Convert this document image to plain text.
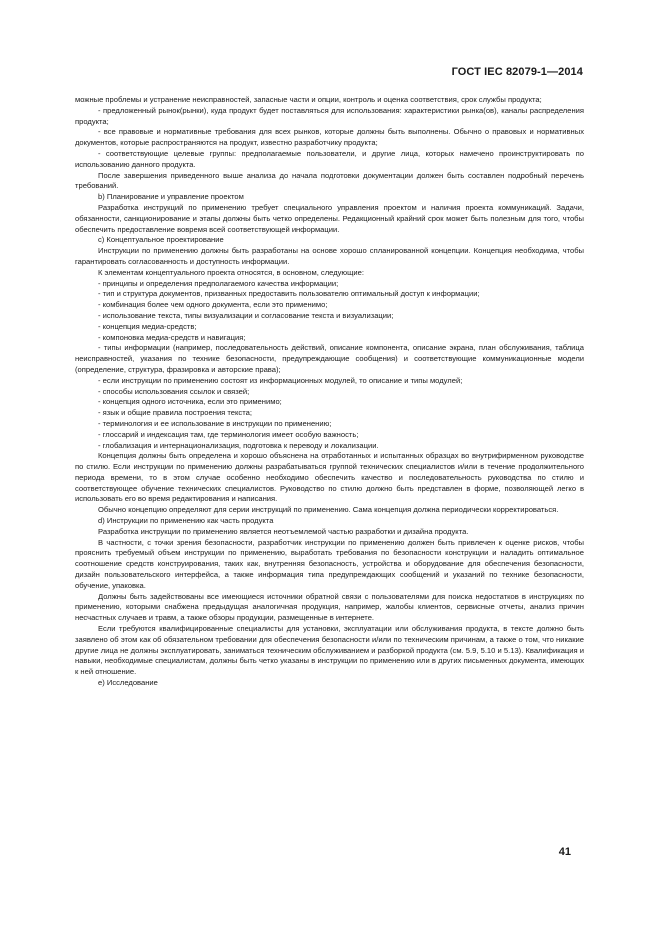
ГОСТ IEC 82079-1—2014

можные проблемы и устранение неисправностей, запасные части и опции, контроль и оценка соответствия, срок службы продукта;

- предложенный рынок(рынки), куда продукт будет поставляться для использования: характеристики рынка(ов), каналы распределения продукта;

- все правовые и нормативные требования для всех рынков, которые должны быть выполнены. Обычно о правовых и нормативных документов, которые распространяются на продукт, известно разработчику продукта;

- соответствующие целевые группы: предполагаемые пользователи, и другие лица, которых намечено проинструктировать по использованию данного продукта.

После завершения приведенного выше анализа до начала подготовки документации должен быть составлен подробный перечень требований.

b) Планирование и управление проектом

Разработка инструкций по применению требует специального управления проектом и наличия проекта коммуникаций. Задачи, обязанности, санкционирование и этапы должны быть четко определены. Редакционный крайний срок может быть полезным для того, чтобы обеспечить предоставление вовремя всей соответствующей информации.

c) Концептуальное проектирование

Инструкции по применению должны быть разработаны на основе хорошо спланированной концепции. Концепция необходима, чтобы гарантировать согласованность и доступность информации.

К элементам концептуального проекта относятся, в основном, следующие:

- принципы и определения предполагаемого качества информации;

- тип и структура документов, призванных предоставить пользователю оптимальный доступ к информации;

- комбинация более чем одного документа, если это применимо;

- использование текста, типы визуализации и согласование текста и визуализации;

- концепция медиа-средств;

- компоновка медиа-средств и навигация;

- типы информации (например, последовательность действий, описание компонента, описание экрана, план обслуживания, таблица неисправностей, указания по технике безопасности, предупреждающие сообщения) и соответствующие коммуникационные модели (определение, структура, фразировка и авторские права);

- если инструкции по применению состоят из информационных модулей, то описание и типы модулей;

- способы использования ссылок и связей;

- концепция одного источника, если это применимо;

- язык и общие правила построения текста;

- терминология и ее использование в инструкции по применению;

- глоссарий и индексация там, где терминология имеет особую важность;

- глобализация и интернационализация, подготовка к переводу и локализации.

Концепция должны быть определена и хорошо объяснена на отработанных и испытанных образцах во внутрифирменном руководстве по стилю. Если инструкции по применению должны разрабатываться группой технических специалистов и/или в течение продолжительного периода времени, то в этом случае особенно необходимо обеспечить качество и последовательность руководства по стилю и соответствующее обучение технических специалистов. Руководство по стилю должно быть представлен в форме, позволяющей легко в использовать его во время редактирования и написания.

Обычно концепцию определяют для серии инструкций по применению. Сама концепция должна периодически корректироваться.

d) Инструкции по применению как часть продукта

Разработка инструкции по применению является неотъемлемой частью разработки и дизайна продукта.

В частности, с точки зрения безопасности, разработчик инструкции по применению должен быть привлечен к оценке рисков, чтобы прояснить требуемый объем инструкции по применению, выработать требования по безопасности конструкции и наладить оптимальное соотношение средств конструирования, таких как, внутренняя безопасность, устройства и оборудование для обеспечения безопасности, дизайн пользовательского интерфейса, а также информация типа предупреждающих сообщений и указаний по технике безопасности, обучение, упаковка.

Должны быть задействованы все имеющиеся источники обратной связи с пользователями для поиска недостатков в инструкциях по применению, которыми снабжена предыдущая аналогичная продукция, например, жалобы клиентов, сервисные отчеты, анализ причин несчастных случаев и травм, а также обзоры продукции, размещенные в интернете.

Если требуются квалифицированные специалисты для установки, эксплуатации или обслуживания продукта, в тексте должно быть заявлено об этом как об обязательном требовании для обеспечения безопасности и/или по техническим причинам, а также о том, что никакие другие лица не должны эксплуатировать, заниматься техническим обслуживанием и разборкой продукта (см. 5.9, 5.10 и 5.13). Квалификация и навыки, необходимые специалистам, должны быть четко указаны в инструкции по применению или в других письменных документа, имеющих к ней отношение.

e) Исследование

41
